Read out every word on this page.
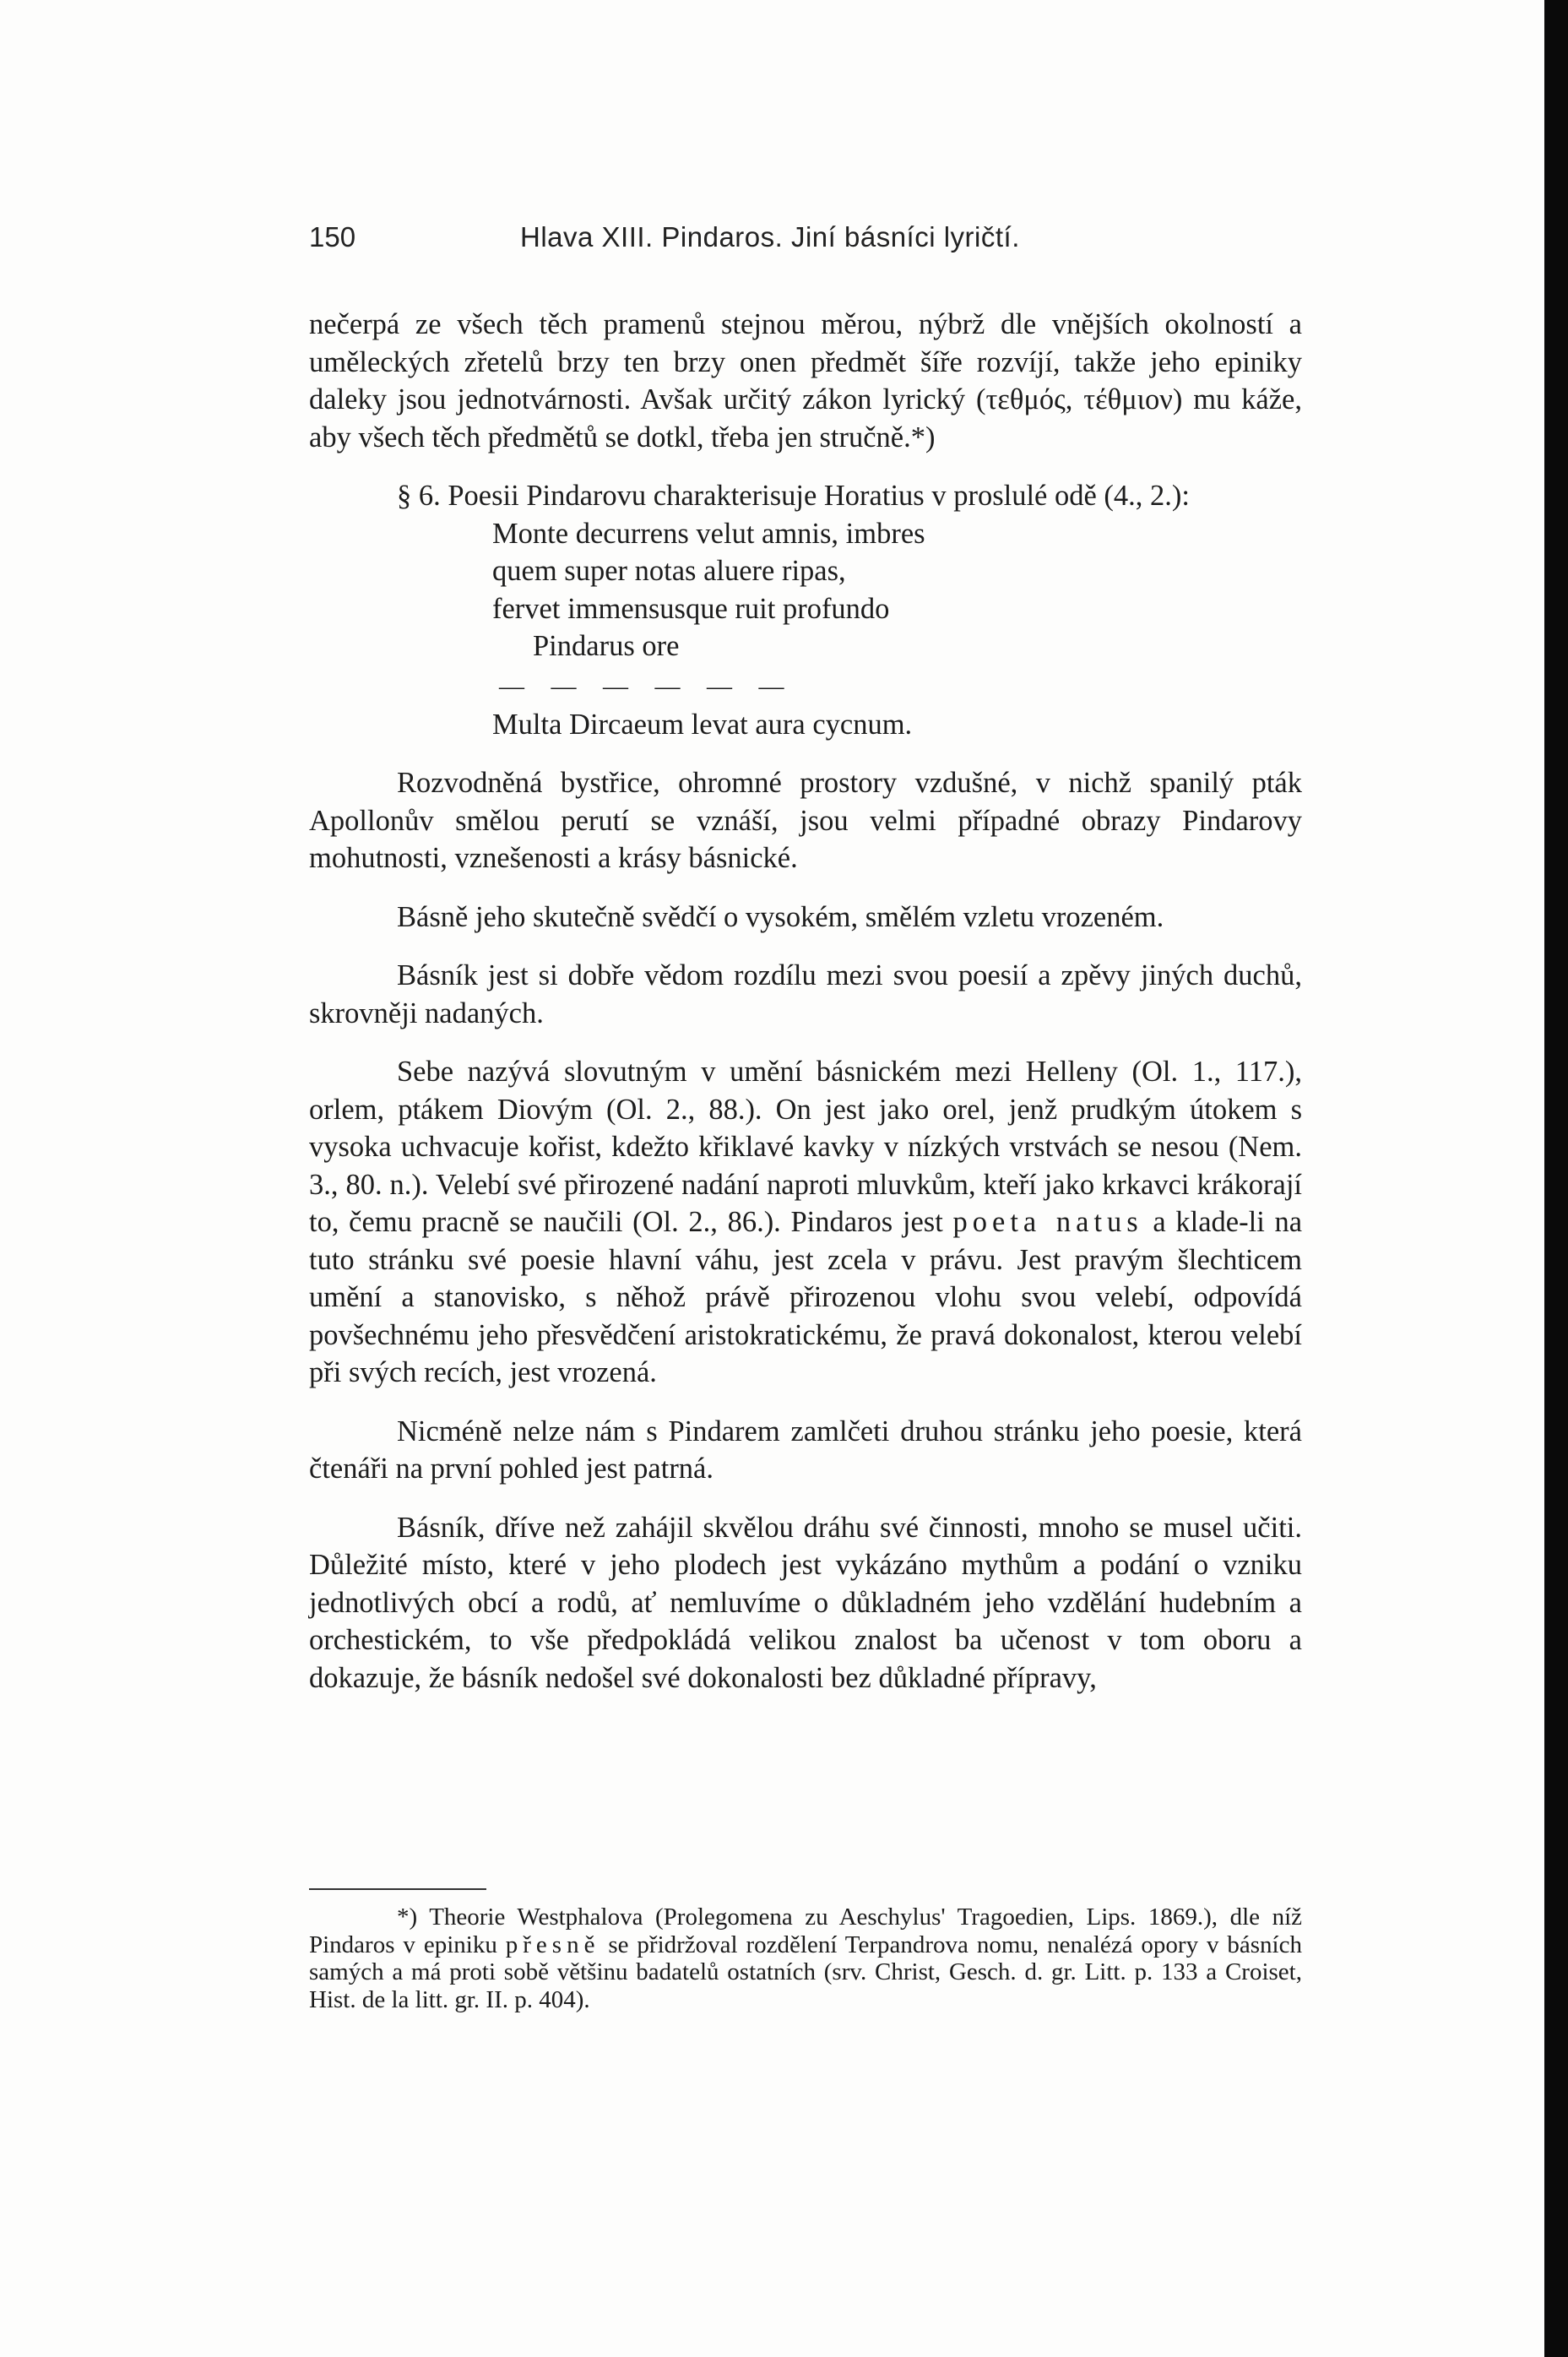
150	Hlava XIII. Pindaros. Jiní básníci lyričtí.

nečerpá ze všech těch pramenů stejnou měrou, nýbrž dle vnějších okolností a uměleckých zřetelů brzy ten brzy onen předmět šíře rozvíjí, takže jeho epiniky daleky jsou jednotvárnosti. Avšak určitý zákon lyrický (τεθμός, τέθμιον) mu káže, aby všech těch předmětů se dotkl, třeba jen stručně.*)

§ 6. Poesii Pindarovu charakterisuje Horatius v proslulé odě (4., 2.):

Monte decurrens velut amnis, imbres
quem super notas aluere ripas,
fervet immensusque ruit profundo
Pindarus ore
— — — — — —
Multa Dircaeum levat aura cycnum.

Rozvodněná bystřice, ohromné prostory vzdušné, v nichž spanilý pták Apollonův smělou perutí se vznáší, jsou velmi případné obrazy Pindarovy mohutnosti, vznešenosti a krásy básnické.

Básně jeho skutečně svědčí o vysokém, smělém vzletu vrozeném.

Básník jest si dobře vědom rozdílu mezi svou poesií a zpěvy jiných duchů, skrovněji nadaných.

Sebe nazývá slovutným v umění básnickém mezi Helleny (Ol. 1., 117.), orlem, ptákem Diovým (Ol. 2., 88.). On jest jako orel, jenž prudkým útokem s vysoka uchvacuje kořist, kdežto křiklavé kavky v nízkých vrstvách se nesou (Nem. 3., 80. n.). Velebí své přirozené nadání naproti mluvkům, kteří jako krkavci krákorají to, čemu pracně se naučili (Ol. 2., 86.). Pindaros jest poeta natus a klade-li na tuto stránku své poesie hlavní váhu, jest zcela v právu. Jest pravým šlechticem umění a stanovisko, s něhož právě přirozenou vlohu svou velebí, odpovídá povšechnému jeho přesvědčení aristokratickému, že pravá dokonalost, kterou velebí při svých recích, jest vrozená.

Nicméně nelze nám s Pindarem zamlčeti druhou stránku jeho poesie, která čtenáři na první pohled jest patrná.

Básník, dříve než zahájil skvělou dráhu své činnosti, mnoho se musel učiti. Důležité místo, které v jeho plodech jest vykázáno mythům a podání o vzniku jednotlivých obcí a rodů, ať nemluvíme o důkladném jeho vzdělání hudebním a orchestickém, to vše předpokládá velikou znalost ba učenost v tom oboru a dokazuje, že básník nedošel své dokonalosti bez důkladné přípravy,

*) Theorie Westphalova (Prolegomena zu Aeschylus' Tragoedien, Lips. 1869.), dle níž Pindaros v epiniku přesně se přidržoval rozdělení Terpandrova nomu, nenalézá opory v básních samých a má proti sobě většinu badatelů ostatních (srv. Christ, Gesch. d. gr. Litt. p. 133 a Croiset, Hist. de la litt. gr. II. p. 404).
